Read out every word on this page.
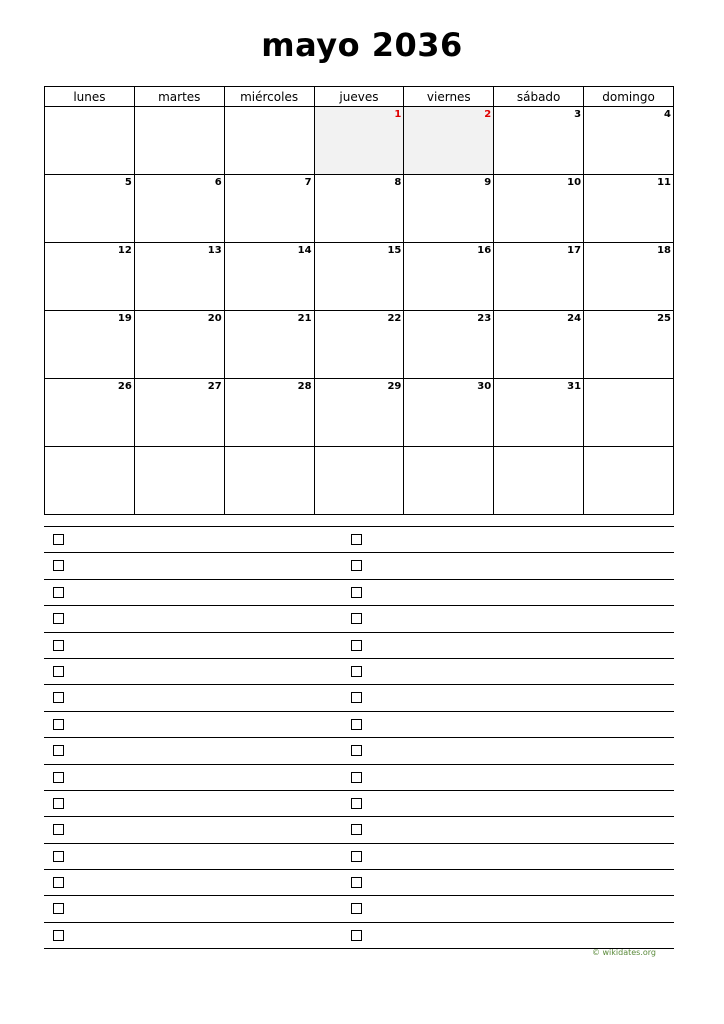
mayo 2036
lunes	martes	miércoles	jueves	viernes	sábado	domingo

			1	2	3	4

5	6	7	8	9	10	11

12	13	14	15	16	17	18

19	20	21	22	23	24	25

26	27	28	29	30	31	

© wikidates.org
